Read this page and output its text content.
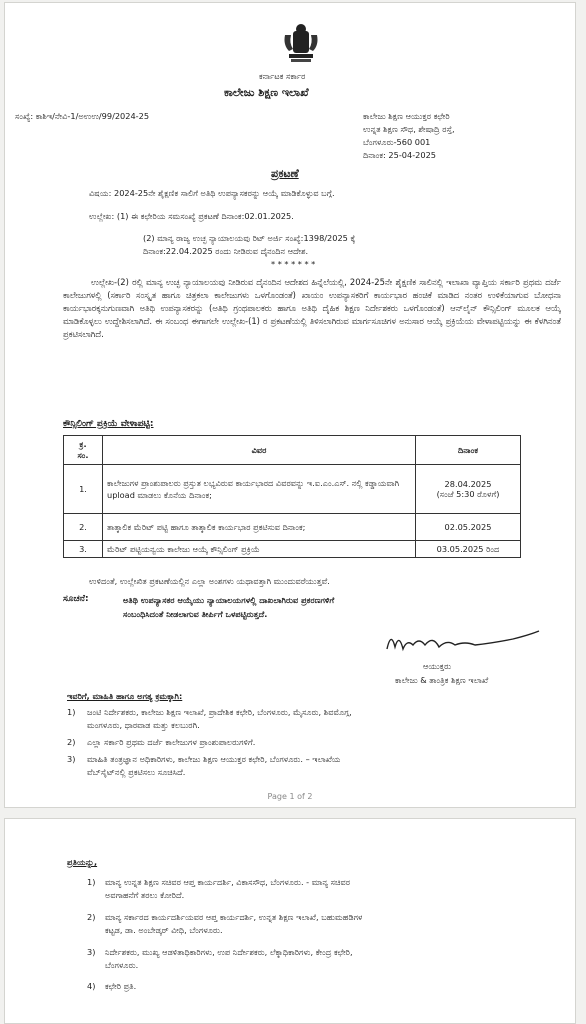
ಕರ್ನಾಟಕ ಸರ್ಕಾರ
ಕಾಲೇಜು ಶಿಕ್ಷಣ ಇಲಾಖೆ
ಸಂಖ್ಯೆ: ಕಾಶಿಇ/ನೇವಿ-1/ಅಉಉ/99/2024-25	ಕಾಲೇಜು ಶಿಕ್ಷಣ ಆಯುಕ್ತರ ಕಛೇರಿ
ಉನ್ನತ ಶಿಕ್ಷಣ ಸೌಧ, ಶೇಷಾದ್ರಿ ರಸ್ತೆ,
ಬೆಂಗಳೂರು-560 001
ದಿನಾಂಕ: 25-04-2025
ಪ್ರಕಟಣೆ
ವಿಷಯ: 2024-25ನೇ ಶೈಕ್ಷಣಿಕ ಸಾಲಿಗೆ ಅತಿಥಿ ಉಪನ್ಯಾಸಕರನ್ನು ಆಯ್ಕೆ ಮಾಡಿಕೊಳ್ಳುವ ಬಗ್ಗೆ.
ಉಲ್ಲೇಖ: (1) ಈ ಕಛೇರಿಯ ಸಮಸಂಖ್ಯೆ ಪ್ರಕಟಣೆ ದಿನಾಂಕ:02.01.2025.
(2) ಮಾನ್ಯ ರಾಜ್ಯ ಉಚ್ಛ ನ್ಯಾಯಾಲಯವು ರಿಟ್ ಅರ್ಜಿ ಸಂಖ್ಯೆ:1398/2025 ಕ್ಕೆ
ದಿನಾಂಕ:22.04.2025 ರಂದು ನೀಡಿರುವ ದೈನಂದಿನ ಆದೇಶ.
* * * * * * *
ಉಲ್ಲೇಖ-(2) ರಲ್ಲಿ ಮಾನ್ಯ ಉಚ್ಛ ನ್ಯಾಯಾಲಯವು ನೀಡಿರುವ ದೈನಂದಿನ ಆದೇಶದ ಹಿನ್ನೆಲೆಯಲ್ಲಿ, 2024-25ನೇ ಶೈಕ್ಷಣಿಕ ಸಾಲಿನಲ್ಲಿ ಇಲಾಖಾ ವ್ಯಾಪ್ತಿಯ ಸರ್ಕಾರಿ ಪ್ರಥಮ ದರ್ಜೆ ಕಾಲೇಜುಗಳಲ್ಲಿ (ಸರ್ಕಾರಿ ಸಂಸ್ಕೃತ ಹಾಗೂ ಚಿತ್ರಕಲಾ ಕಾಲೇಜುಗಳು ಒಳಗೊಂಡಂತೆ) ಖಾಯಂ ಉಪನ್ಯಾಸಕರಿಗೆ ಕಾರ್ಯಭಾರ ಹಂಚಿಕೆ ಮಾಡಿದ ನಂತರ ಉಳಿಕೆಯಾಗುವ ಬೋಧನಾ ಕಾರ್ಯಭಾರಕ್ಕನುಗುಣವಾಗಿ ಅತಿಥಿ ಉಪನ್ಯಾಸಕರನ್ನು (ಅತಿಥಿ ಗ್ರಂಥಪಾಲಕರು ಹಾಗೂ ಅತಿಥಿ ದೈಹಿಕ ಶಿಕ್ಷಣ ನಿರ್ದೇಶಕರು ಒಳಗೊಂಡಂತೆ) ಆನ್‌ಲೈನ್ ಕೌನ್ಸಿಲಿಂಗ್ ಮೂಲಕ ಆಯ್ಕೆ ಮಾಡಿಕೊಳ್ಳಲು ಉದ್ದೇಶಿಸಲಾಗಿದೆ. ಈ ಸಂಬಂಧ ಈಗಾಗಲೇ ಉಲ್ಲೇಖ-(1) ರ ಪ್ರಕಟಣೆಯಲ್ಲಿ ತಿಳಿಸಲಾಗಿರುವ ಮಾರ್ಗಸೂಚಿಗಳ ಅನುಸಾರ ಆಯ್ಕೆ ಪ್ರಕ್ರಿಯೆಯ ವೇಳಾಪಟ್ಟಿಯನ್ನು ಈ ಕೆಳಗಿನಂತೆ ಪ್ರಕಟಿಸಲಾಗಿದೆ.
ಕೌನ್ಸಿಲಿಂಗ್ ಪ್ರಕ್ರಿಯೆ ವೇಳಾಪಟ್ಟಿ:
ಕ್ರ.
ಸಂ.	ವಿವರ	ದಿನಾಂಕ
1.	ಕಾಲೇಜುಗಳ ಪ್ರಾಂಶುಪಾಲರು ಪ್ರಸ್ತುತ ಲಭ್ಯವಿರುವ ಕಾರ್ಯಭಾರದ ವಿವರವನ್ನು ಇ.ಐ.ಎಂ.ಎಸ್. ನಲ್ಲಿ ಕಡ್ಡಾಯವಾಗಿ upload ಮಾಡಲು ಕೊನೆಯ ದಿನಾಂಕ;	28.04.2025
(ಸಂಜೆ 5:30 ರೊಳಗೆ)

2.	ತಾತ್ಕಾಲಿಕ ಮೆರಿಟ್ ಪಟ್ಟಿ ಹಾಗೂ ತಾತ್ಕಾಲಿಕ ಕಾರ್ಯಭಾರ ಪ್ರಕಟಿಸುವ ದಿನಾಂಕ;	02.05.2025
3.	ಮೆರಿಟ್ ಪಟ್ಟಿಯನ್ವಯ ಕಾಲೇಜು ಆಯ್ಕೆ ಕೌನ್ಸಿಲಿಂಗ್ ಪ್ರಕ್ರಿಯೆ	03.05.2025 ರಿಂದ
ಉಳಿದಂತೆ, ಉಲ್ಲೇಖಿತ ಪ್ರಕಟಣೆಯಲ್ಲಿನ ಎಲ್ಲಾ ಅಂಶಗಳು ಯಥಾವತ್ತಾಗಿ ಮುಂದುವರೆಯುತ್ತವೆ.
ಸೂಚನೆ:	ಅತಿಥಿ ಉಪನ್ಯಾಸಕರ ಆಯ್ಕೆಯು ನ್ಯಾಯಾಲಯಗಳಲ್ಲಿ ದಾಖಲಾಗಿರುವ ಪ್ರಕರಣಗಳಿಗೆ
ಸಂಬಂಧಿಸಿದಂತೆ ನೀಡಲಾಗುವ ತೀರ್ಪಿಗೆ ಒಳಪಟ್ಟಿರುತ್ತದೆ.
ಆಯುಕ್ತರು
ಕಾಲೇಜು & ತಾಂತ್ರಿಕ ಶಿಕ್ಷಣ ಇಲಾಖೆ
ಇವರಿಗೆ, ಮಾಹಿತಿ ಹಾಗೂ ಅಗತ್ಯ ಕ್ರಮಕ್ಕಾಗಿ:
1) ಜಂಟಿ ನಿರ್ದೇಶಕರು, ಕಾಲೇಜು ಶಿಕ್ಷಣ ಇಲಾಖೆ, ಪ್ರಾದೇಶಿಕ ಕಛೇರಿ, ಬೆಂಗಳೂರು, ಮೈಸೂರು, ಶಿವಮೊಗ್ಗ,
ಮಂಗಳೂರು, ಧಾರವಾಡ ಮತ್ತು ಕಲಬುರಗಿ.
2) ಎಲ್ಲಾ ಸರ್ಕಾರಿ ಪ್ರಥಮ ದರ್ಜೆ ಕಾಲೇಜುಗಳ ಪ್ರಾಂಶುಪಾಲರುಗಳಿಗೆ.
3) ಮಾಹಿತಿ ತಂತ್ರಜ್ಞಾನ ಅಧಿಕಾರಿಗಳು, ಕಾಲೇಜು ಶಿಕ್ಷಣ ಆಯುಕ್ತರ ಕಛೇರಿ, ಬೆಂಗಳೂರು. – ಇಲಾಖೆಯ
ವೆಬ್‌ಸೈಟ್‌ನಲ್ಲಿ ಪ್ರಕಟಿಸಲು ಸೂಚಿಸಿದೆ.
Page 1 of 2
ಪ್ರತಿಯನ್ನು,
1) ಮಾನ್ಯ ಉನ್ನತ ಶಿಕ್ಷಣ ಸಚಿವರ ಆಪ್ತ ಕಾರ್ಯದರ್ಶಿ, ವಿಕಾಸಸೌಧ, ಬೆಂಗಳೂರು. - ಮಾನ್ಯ ಸಚಿವರ
ಅವಗಾಹನೆಗೆ ತರಲು ಕೋರಿದೆ.
2) ಮಾನ್ಯ ಸರ್ಕಾರದ ಕಾರ್ಯದರ್ಶಿಯವರ ಆಪ್ತ ಕಾರ್ಯದರ್ಶಿ, ಉನ್ನತ ಶಿಕ್ಷಣ ಇಲಾಖೆ, ಬಹುಮಹಡಿಗಳ
ಕಟ್ಟಡ, ಡಾ. ಅಂಬೇಡ್ಕರ್ ವೀಧಿ, ಬೆಂಗಳೂರು.
3) ನಿರ್ದೇಶಕರು, ಮುಖ್ಯ ಆಡಳಿತಾಧಿಕಾರಿಗಳು, ಉಪ ನಿರ್ದೇಶಕರು, ಲೆಕ್ಕಾಧಿಕಾರಿಗಳು, ಕೇಂದ್ರ ಕಛೇರಿ,
ಬೆಂಗಳೂರು.
4) ಕಛೇರಿ ಪ್ರತಿ.
